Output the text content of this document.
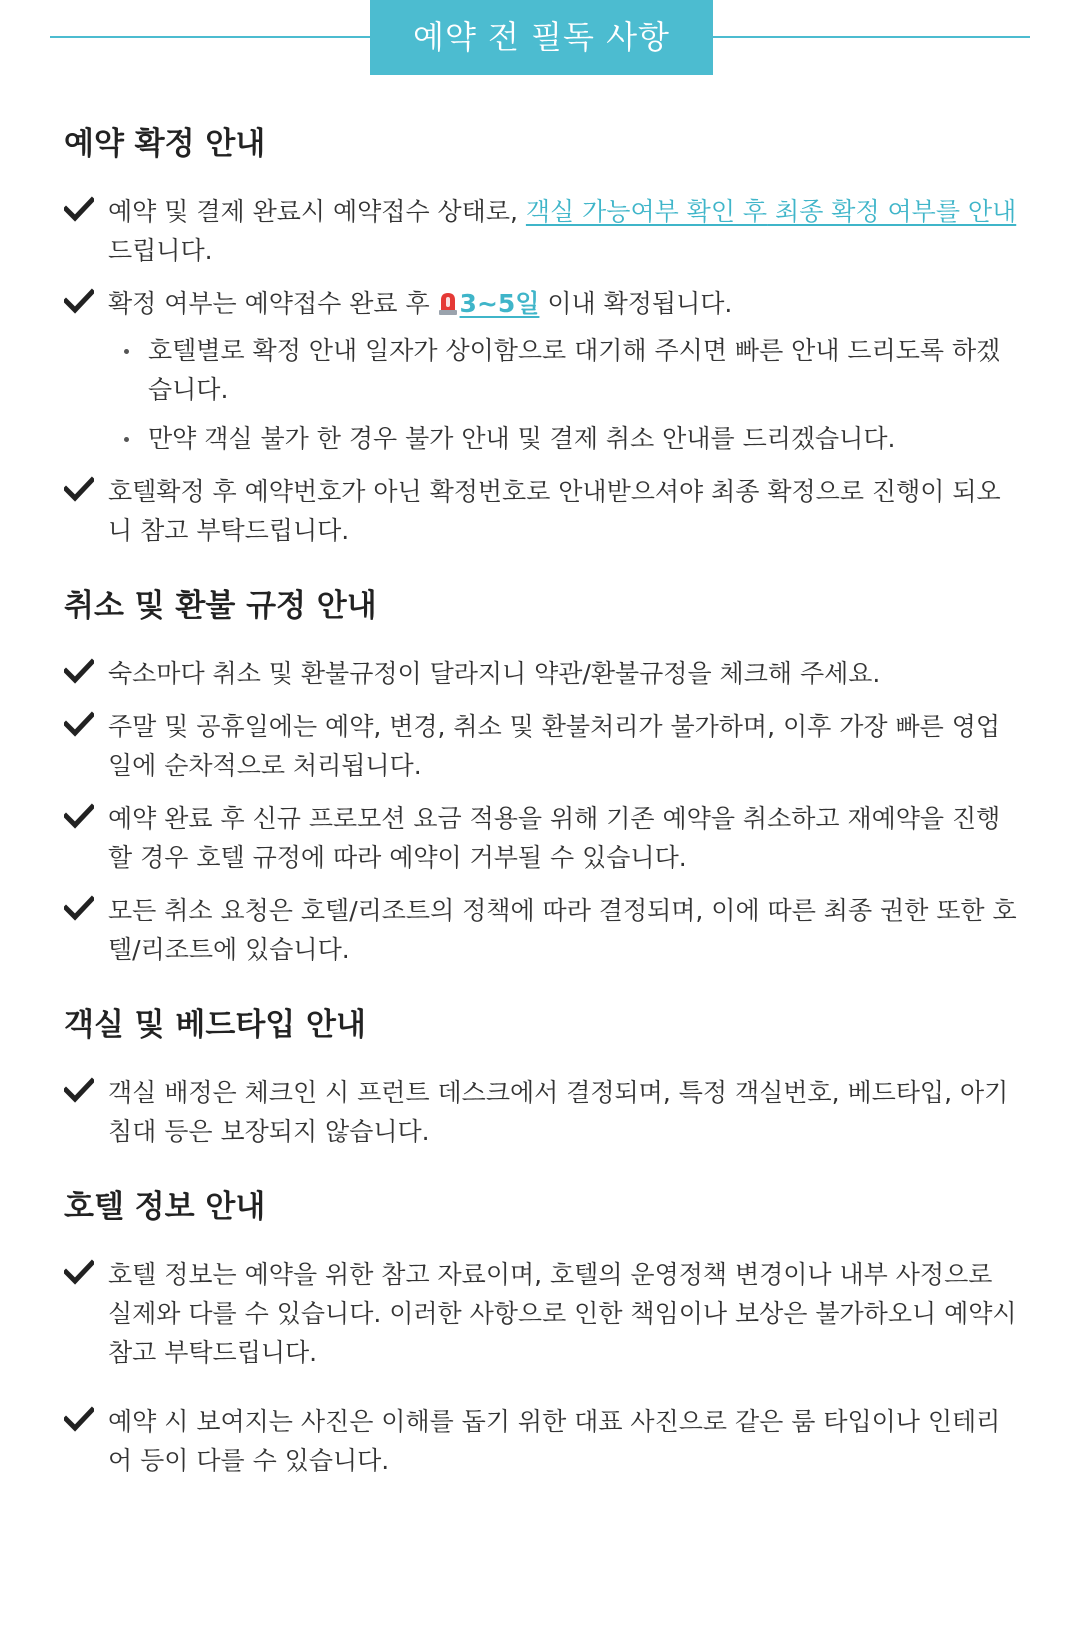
예약 전 필독 사항
예약 확정 안내
예약 및 결제 완료시 예약접수 상태로, 객실 가능여부 확인 후 최종 확정 여부를 안내드립니다.
확정 여부는 예약접수 완료 후 3~5일 이내 확정됩니다.
호텔별로 확정 안내 일자가 상이함으로 대기해 주시면 빠른 안내 드리도록 하겠습니다.
만약 객실 불가 한 경우 불가 안내 및 결제 취소 안내를 드리겠습니다.
호텔확정 후 예약번호가 아닌 확정번호로 안내받으셔야 최종 확정으로 진행이 되오니 참고 부탁드립니다.
취소 및 환불 규정 안내
숙소마다 취소 및 환불규정이 달라지니 약관/환불규정을 체크해 주세요.
주말 및 공휴일에는 예약, 변경, 취소 및 환불처리가 불가하며, 이후 가장 빠른 영업일에 순차적으로 처리됩니다.
예약 완료 후 신규 프로모션 요금 적용을 위해 기존 예약을 취소하고 재예약을 진행할 경우 호텔 규정에 따라 예약이 거부될 수 있습니다.
모든 취소 요청은 호텔/리조트의 정책에 따라 결정되며, 이에 따른 최종 권한 또한 호텔/리조트에 있습니다.
객실 및 베드타입 안내
객실 배정은 체크인 시 프런트 데스크에서 결정되며, 특정 객실번호, 베드타입, 아기침대 등은 보장되지 않습니다.
호텔 정보 안내
호텔 정보는 예약을 위한 참고 자료이며, 호텔의 운영정책 변경이나 내부 사정으로 실제와 다를 수 있습니다. 이러한 사항으로 인한 책임이나 보상은 불가하오니 예약시 참고 부탁드립니다.
예약 시 보여지는 사진은 이해를 돕기 위한 대표 사진으로 같은 룸 타입이나 인테리어 등이 다를 수 있습니다.
